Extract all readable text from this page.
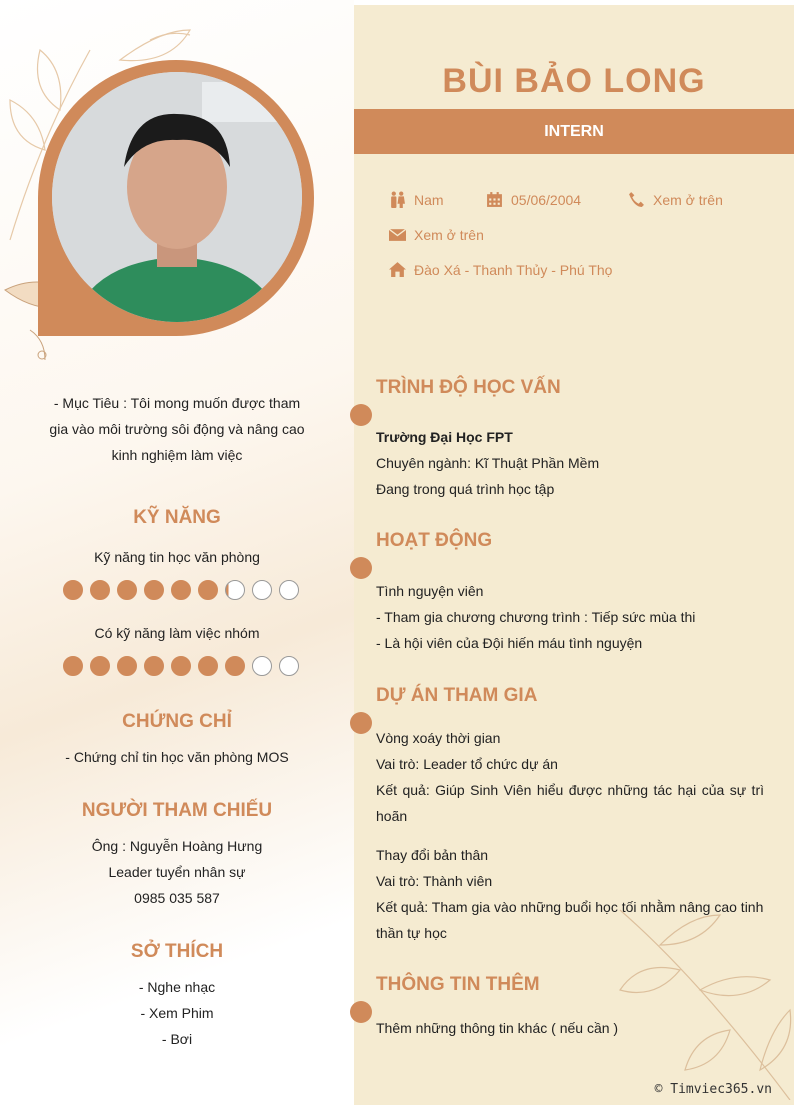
BÙI BẢO LONG
INTERN
Nam	05/06/2004	Xem ở trên
Xem ở trên
Đào Xá - Thanh Thủy - Phú Thọ
- Mục Tiêu : Tôi mong muốn được tham
gia vào môi trường sôi động và nâng cao
kinh nghiệm làm việc
KỸ NĂNG
Kỹ năng tin học văn phòng
Có kỹ năng làm việc nhóm
CHỨNG CHỈ
- Chứng chỉ tin học văn phòng MOS
NGƯỜI THAM CHIẾU
Ông : Nguyễn Hoàng Hưng
Leader tuyển nhân sự
0985 035 587
SỞ THÍCH
- Nghe nhạc
- Xem Phim
- Bơi
TRÌNH ĐỘ HỌC VẤN
Trường Đại Học FPT
Chuyên ngành: Kĩ Thuật Phần Mềm
Đang trong quá trình học tập
HOẠT ĐỘNG
Tình nguyện viên
- Tham gia chương chương trình : Tiếp sức mùa thi
- Là hội viên của Đội hiến máu tình nguyện
DỰ ÁN THAM GIA
Vòng xoáy thời gian
Vai trò: Leader tổ chức dự án
Kết quả: Giúp Sinh Viên hiểu được những tác hại của sự trì hoãn
Thay đổi bản thân
Vai trò: Thành viên
Kết quả: Tham gia vào những buổi học tối nhằm nâng cao tinh thần tự học
THÔNG TIN THÊM
Thêm những thông tin khác ( nếu cần )
© Timviec365.vn
